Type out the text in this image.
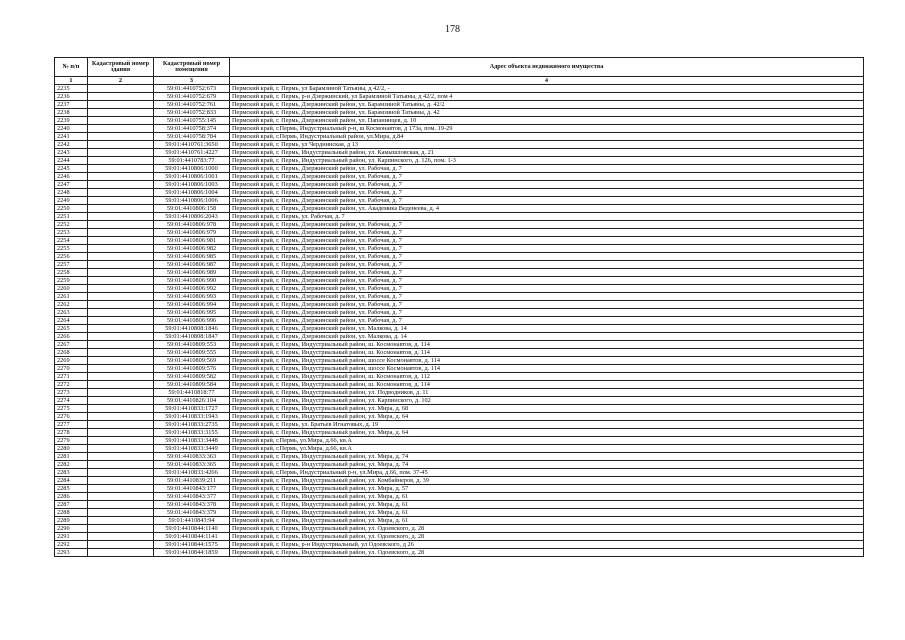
178
№ п/п	Кадастровый номер здания	Кадастровый номер помещения	Адрес объекта недвижимого имущества
1	2	3	4
2235		59:01:4410752:673	Пермский край, г. Пермь, ул Барамзиной Татьяны, д 42/2, -
2236		59:01:4410752:679	Пермский край, г. Пермь, р-н Дзержинский, ул Барамзиной Татьяны, д 42/2, пом 4
2237		59:01:4410752:761	Пермский край, г. Пермь, Дзержинский район, ул. Барамзиной Татьяны, д. 42/2
2238		59:01:4410752:833	Пермский край, г. Пермь, Дзержинский район, ул. Барамзиной Татьяны, д. 42
2239		59:01:4410755:145	Пермский край, г. Пермь, Дзержинский район, ул. Папанинцев, д. 10
2240		59:01:4410758:374	Пермский край, г.Пермь, Индустриальный р-н, ш Космонавтов, д 173а, пом. 19-29
2241		59:01:4410758:784	Пермский край, г.Пермь, Индустриальный район, ул.Мира, д.84
2242		59:01:4410761:3650	Пермский край, г. Пермь, ул Черднинская, д 13
2243		59:01:4410761:4227	Пермский край, г. Пермь, Индустриальный район, ул. Камышловская, д. 21
2244		59:01:4410783:77	Пермский край, г. Пермь, Индустриальный район, ул. Карпинского, д. 126, пом. 1-3
2245		59:01:4410806:1000	Пермский край, г. Пермь, Дзержинский район, ул. Рабочая, д. 7
2246		59:01:4410806:1001	Пермский край, г. Пермь, Дзержинский район, ул. Рабочая, д. 7
2247		59:01:4410806:1003	Пермский край, г. Пермь, Дзержинский район, ул. Рабочая, д. 7
2248		59:01:4410806:1004	Пермский край, г. Пермь, Дзержинский район, ул. Рабочая, д. 7
2249		59:01:4410806:1006	Пермский край, г. Пермь, Дзержинский район, ул. Рабочая, д. 7
2250		59:01:4410806:158	Пермский край, г. Пермь, Дзержинский район, ул. Академика Веденеева, д. 4
2251		59:01:4410806:2043	Пермский край, г. Пермь, ул. Рабочая, д. 7
2252		59:01:4410806:978	Пермский край, г. Пермь, Дзержинский район, ул. Рабочая, д. 7
2253		59:01:4410806:979	Пермский край, г. Пермь, Дзержинский район, ул. Рабочая, д. 7
2254		59:01:4410806:981	Пермский край, г. Пермь, Дзержинский район, ул. Рабочая, д. 7
2255		59:01:4410806:982	Пермский край, г. Пермь, Дзержинский район, ул. Рабочая, д. 7
2256		59:01:4410806:985	Пермский край, г. Пермь, Дзержинский район, ул. Рабочая, д. 7
2257		59:01:4410806:987	Пермский край, г. Пермь, Дзержинский район, ул. Рабочая, д. 7
2258		59:01:4410806:989	Пермский край, г. Пермь, Дзержинский район, ул. Рабочая, д. 7
2259		59:01:4410806:990	Пермский край, г. Пермь, Дзержинский район, ул. Рабочая, д. 7
2260		59:01:4410806:992	Пермский край, г. Пермь, Дзержинский район, ул. Рабочая, д. 7
2261		59:01:4410806:993	Пермский край, г. Пермь, Дзержинский район, ул. Рабочая, д. 7
2262		59:01:4410806:994	Пермский край, г. Пермь, Дзержинский район, ул. Рабочая, д. 7
2263		59:01:4410806:995	Пермский край, г. Пермь, Дзержинский район, ул. Рабочая, д. 7
2264		59:01:4410806:996	Пермский край, г. Пермь, Дзержинский район, ул. Рабочая, д. 7
2265		59:01:4410808:1846	Пермский край, г. Пермь, Дзержинский район, ул. Малкова, д. 14
2266		59:01:4410808:1847	Пермский край, г. Пермь, Дзержинский район, ул. Малкова, д. 14
2267		59:01:4410809:553	Пермский край, г. Пермь, Индустриальный район, ш. Космонавтов, д. 114
2268		59:01:4410809:555	Пермский край, г. Пермь, Индустриальный район, ш. Космонавтов, д. 114
2269		59:01:4410809:569	Пермский край, г. Пермь, Индустриальный район, шоссе Космонавтов, д. 114
2270		59:01:4410809:576	Пермский край, г. Пермь, Индустриальный район, шоссе Космонавтов, д. 114
2271		59:01:4410809:582	Пермский край, г. Пермь, Индустриальный район, ш. Космонавтов, д. 112
2272		59:01:4410809:584	Пермский край, г. Пермь, Индустриальный район, ш. Космонавтов, д. 114
2273		59:01:4410818:77	Пермский край, г. Пермь, Индустриальный район, ул. Подводников, д. 11
2274		59:01:4410826:104	Пермский край, г. Пермь, Индустриальный район, ул. Карпинского, д. 102
2275		59:01:4410833:1727	Пермский край, г. Пермь, Индустриальный район, ул. Мира, д. 68
2276		59:01:4410833:1943	Пермский край, г. Пермь, Индустриальный район, ул. Мира, д. 64
2277		59:01:4410833:2735	Пермский край, г. Пермь, ул. Братьев Игнатовых, д. 19
2278		59:01:4410833:3155	Пермский край, г. Пермь, Индустриальный район, ул. Мира, д. 64
2279		59:01:4410833:3448	Пермский край, г.Пермь, ул.Мира, д.66, кв.А
2280		59:01:4410833:3449	Пермский край, г.Пермь, ул.Мира, д.66, кв.А
2281		59:01:4410833:363	Пермский край, г. Пермь, Индустриальный район, ул. Мира, д. 74
2282		59:01:4410833:365	Пермский край, г. Пермь, Индустриальный район, ул. Мира, д. 74
2283		59:01:4410833:4266	Пермский край, г.Пермь, Индустриальный р-н, ул.Мира, д.66, пом. 37-45
2284		59:01:4410839:211	Пермский край, г. Пермь, Индустриальный район, ул. Комбайнеров, д. 39
2285		59:01:4410843:177	Пермский край, г. Пермь, Индустриальный район, ул. Мира, д. 57
2286		59:01:4410843:377	Пермский край, г. Пермь, Индустриальный район, ул. Мира, д. 61
2287		59:01:4410843:378	Пермский край, г. Пермь, Индустриальный район, ул. Мира, д. 61
2288		59:01:4410843:379	Пермский край, г. Пермь, Индустриальный район, ул. Мира, д. 61
2289		59:01:4410843:94	Пермский край, г. Пермь, Индустриальный район, ул. Мира, д. 61
2290		59:01:4410844:1140	Пермский край, г. Пермь, Индустриальный район, ул. Одоевского, д. 28
2291		59:01:4410844:1141	Пермский край, г. Пермь, Индустриальный район, ул. Одоевского, д. 28
2292		59:01:4410844:1575	Пермский край, г. Пермь, р-н Индустриальный, ул Одоевского, д 26
2293		59:01:4410844:1859	Пермский край, г. Пермь, Индустриальный район, ул. Одоевского, д. 28
